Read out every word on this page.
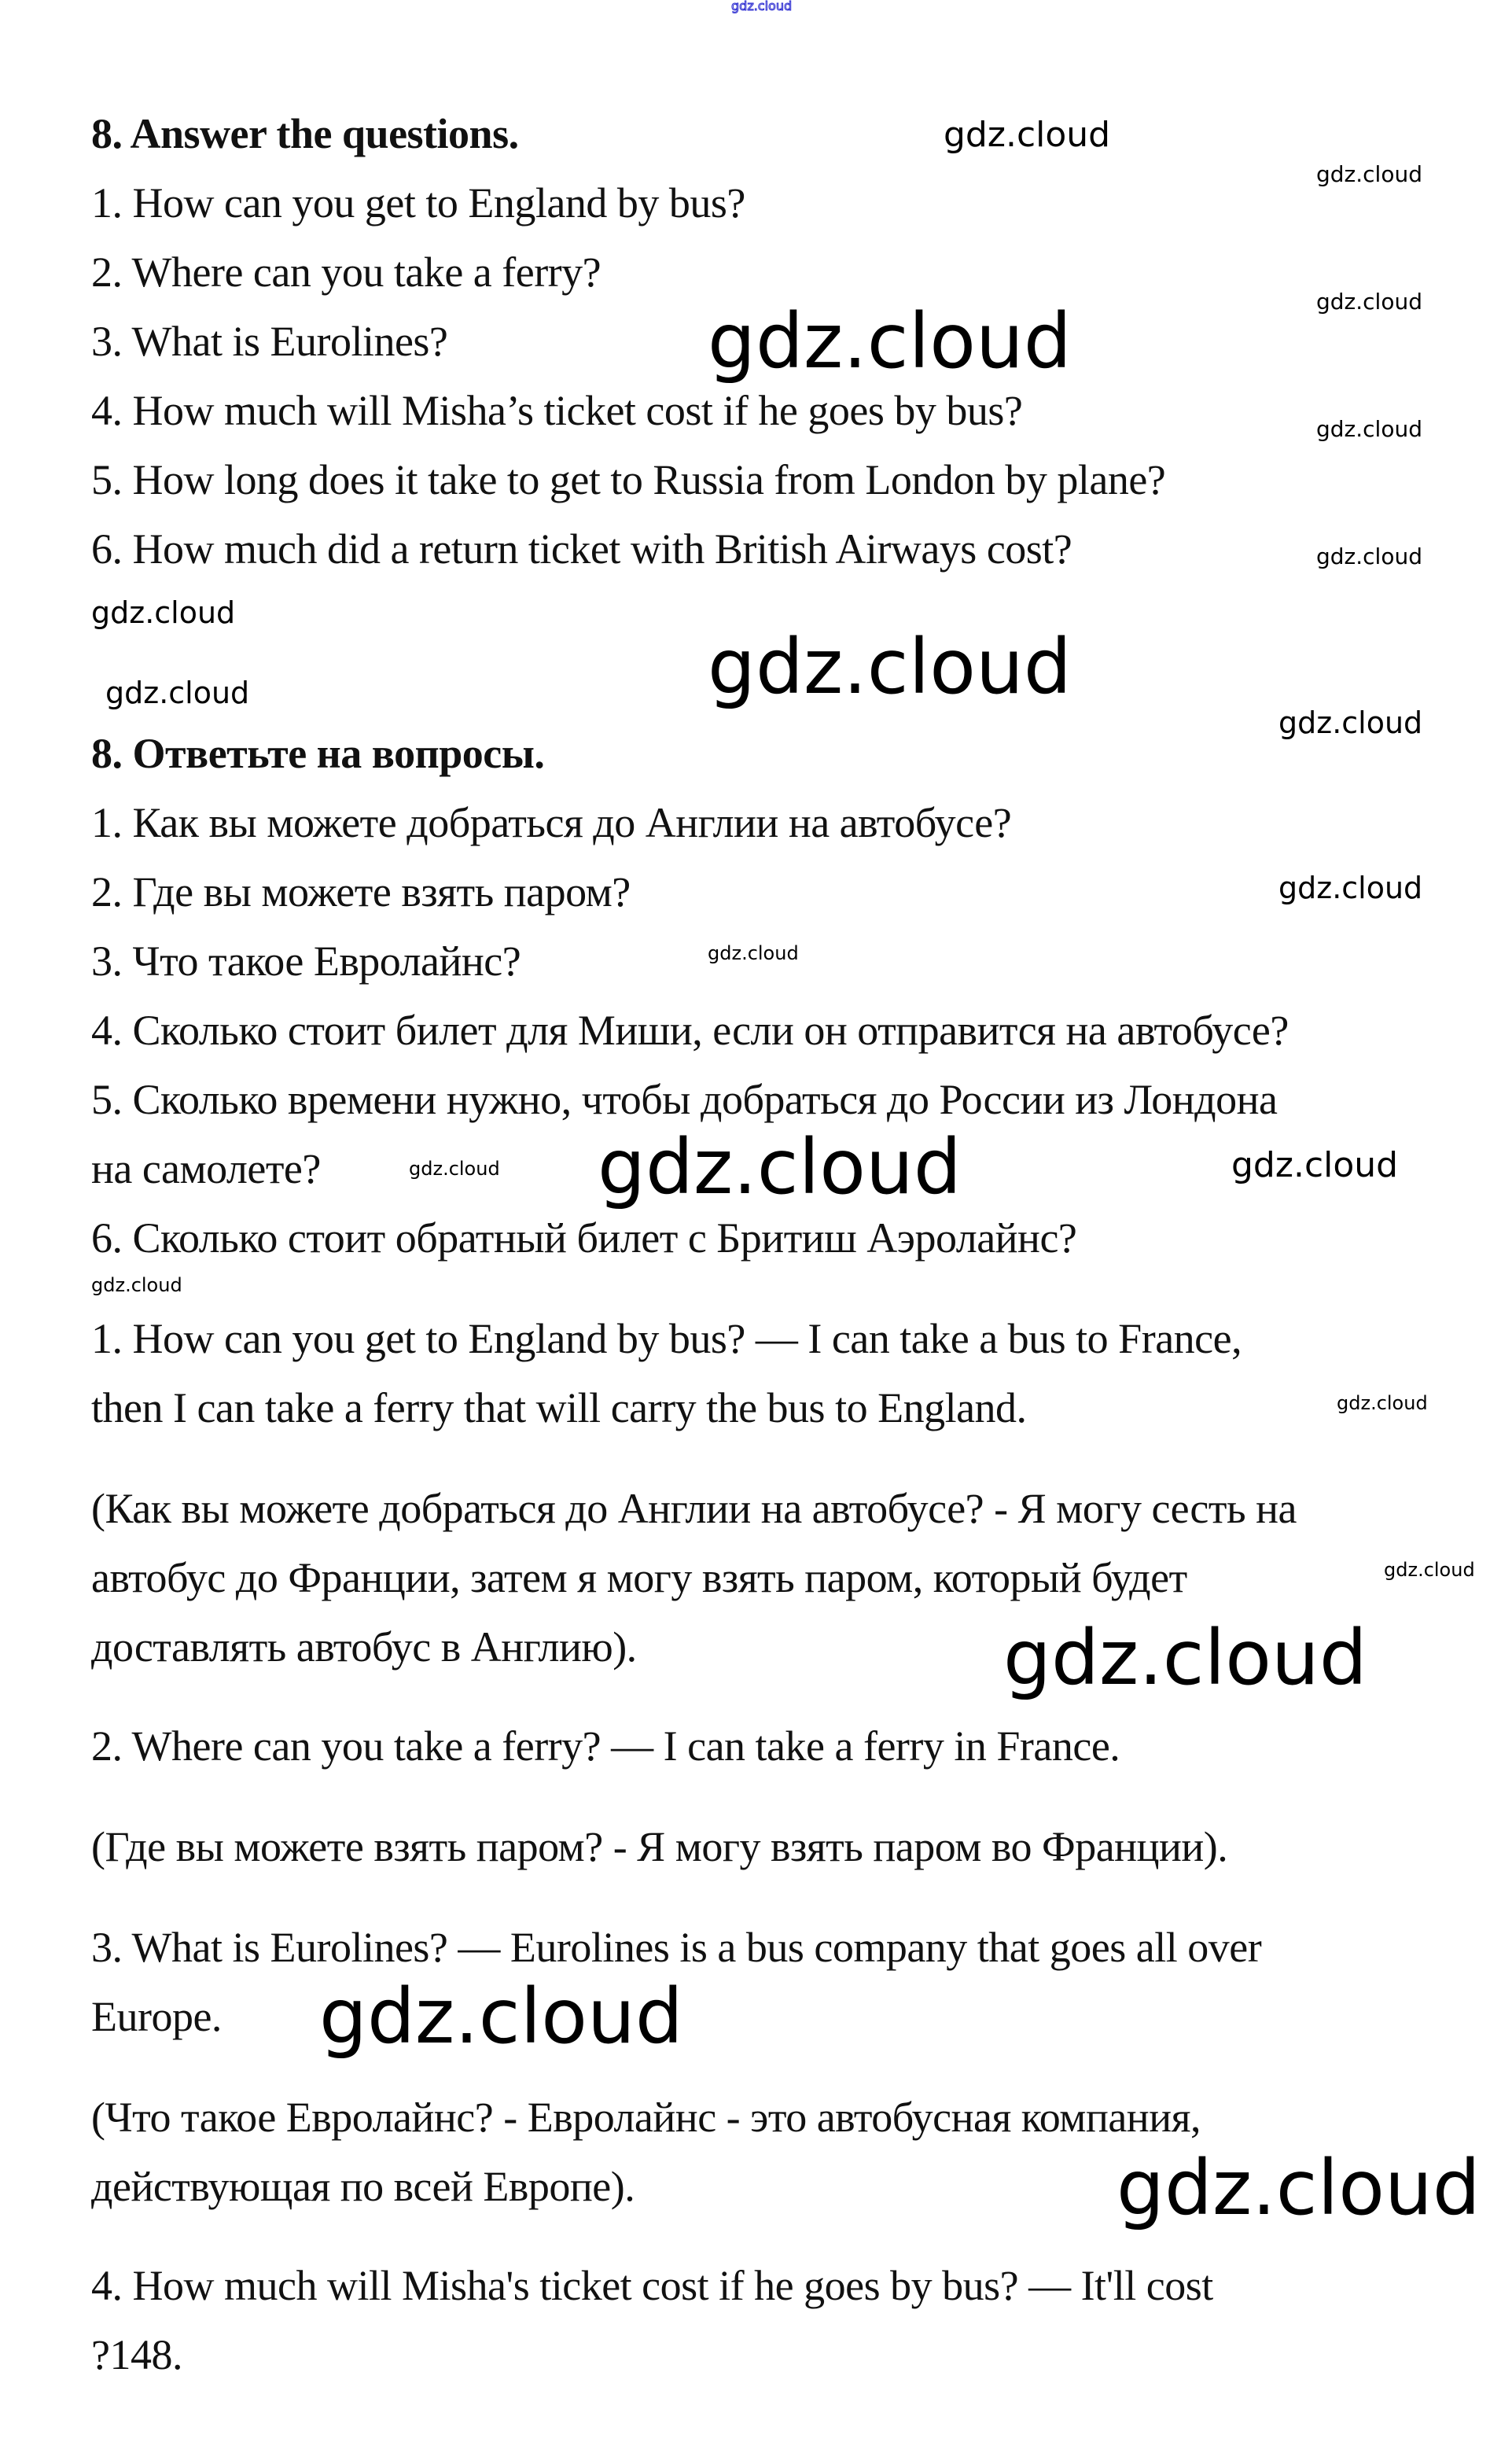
gdz.cloud
8. Answer the questions.
1. How can you get to England by bus?
2. Where can you take a ferry?
3. What is Eurolines?
4. How much will Misha’s ticket cost if he goes by bus?
5. How long does it take to get to Russia from London by plane?
6. How much did a return ticket with British Airways cost?
8. Ответьте на вопросы.
1. Как вы можете добраться до Англии на автобусе?
2. Где вы можете взять паром?
3. Что такое Евролайнс?
4. Сколько стоит билет для Миши, если он отправится на автобусе?
5. Сколько времени нужно, чтобы добраться до России из Лондона
на самолете?
6. Сколько стоит обратный билет с Бритиш Аэролайнс?
1. How can you get to England by bus? — I can take a bus to France,
then I can take a ferry that will carry the bus to England.
(Как вы можете добраться до Англии на автобусе? - Я могу сесть на
автобус до Франции, затем я могу взять паром, который будет
доставлять автобус в Англию).
2. Where can you take a ferry? — I can take a ferry in France.
(Где вы можете взять паром? - Я могу взять паром во Франции).
3. What is Eurolines? — Eurolines is a bus company that goes all over
Europe.
(Что такое Евролайнс? - Евролайнс - это автобусная компания,
действующая по всей Европе).
4. How much will Misha's ticket cost if he goes by bus? — It'll cost
?148.
gdz.cloud
gdz.cloud
gdz.cloud	gdz.cloud
gdz.cloud
gdz.cloud
gdz.cloud
gdz.cloud	gdz.cloud
gdz.cloud
gdz.cloud
gdz.cloud
gdz.cloud gdz.cloud	gdz.cloud
gdz.cloud
gdz.cloud
gdz.cloud
gdz.cloud
gdz.cloud
gdz.cloud
